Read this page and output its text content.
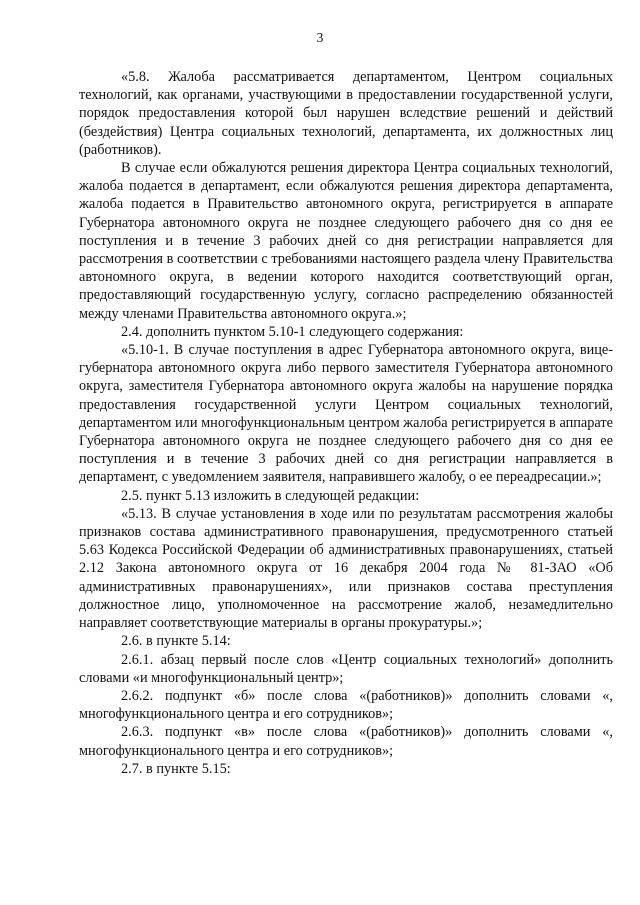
3

«5.8. Жалоба рассматривается департаментом, Центром социальных технологий, как органами, участвующими в предоставлении государственной услуги, порядок предоставления которой был нарушен вследствие решений и действий (бездействия) Центра социальных технологий, департамента, их должностных лиц (работников).

В случае если обжалуются решения директора Центра социальных технологий, жалоба подается в департамент, если обжалуются решения директора департамента, жалоба подается в Правительство автономного округа, регистрируется в аппарате Губернатора автономного округа не позднее следующего рабочего дня со дня ее поступления и в течение 3 рабочих дней со дня регистрации направляется для рассмотрения в соответствии с требованиями настоящего раздела члену Правительства автономного округа, в ведении которого находится соответствующий орган, предоставляющий государственную услугу, согласно распределению обязанностей между членами Правительства автономного округа.»;

2.4. дополнить пунктом 5.10-1 следующего содержания:

«5.10-1. В случае поступления в адрес Губернатора автономного округа, вице-губернатора автономного округа либо первого заместителя Губернатора автономного округа, заместителя Губернатора автономного округа жалобы на нарушение порядка предоставления государственной услуги Центром социальных технологий, департаментом или многофункциональным центром жалоба регистрируется в аппарате Губернатора автономного округа не позднее следующего рабочего дня со дня ее поступления и в течение 3 рабочих дней со дня регистрации направляется в департамент, с уведомлением заявителя, направившего жалобу, о ее переадресации.»;

2.5. пункт 5.13 изложить в следующей редакции:

«5.13. В случае установления в ходе или по результатам рассмотрения жалобы признаков состава административного правонарушения, предусмотренного статьей 5.63 Кодекса Российской Федерации об административных правонарушениях, статьей 2.12 Закона автономного округа от 16 декабря 2004 года № 81-ЗАО «Об административных правонарушениях», или признаков состава преступления должностное лицо, уполномоченное на рассмотрение жалоб, незамедлительно направляет соответствующие материалы в органы прокуратуры.»;

2.6. в пункте 5.14:

2.6.1. абзац первый после слов «Центр социальных технологий» дополнить словами «и многофункциональный центр»;

2.6.2. подпункт «б» после слова «(работников)» дополнить словами «, многофункционального центра и его сотрудников»;

2.6.3. подпункт «в» после слова «(работников)» дополнить словами «, многофункционального центра и его сотрудников»;

2.7. в пункте 5.15:
